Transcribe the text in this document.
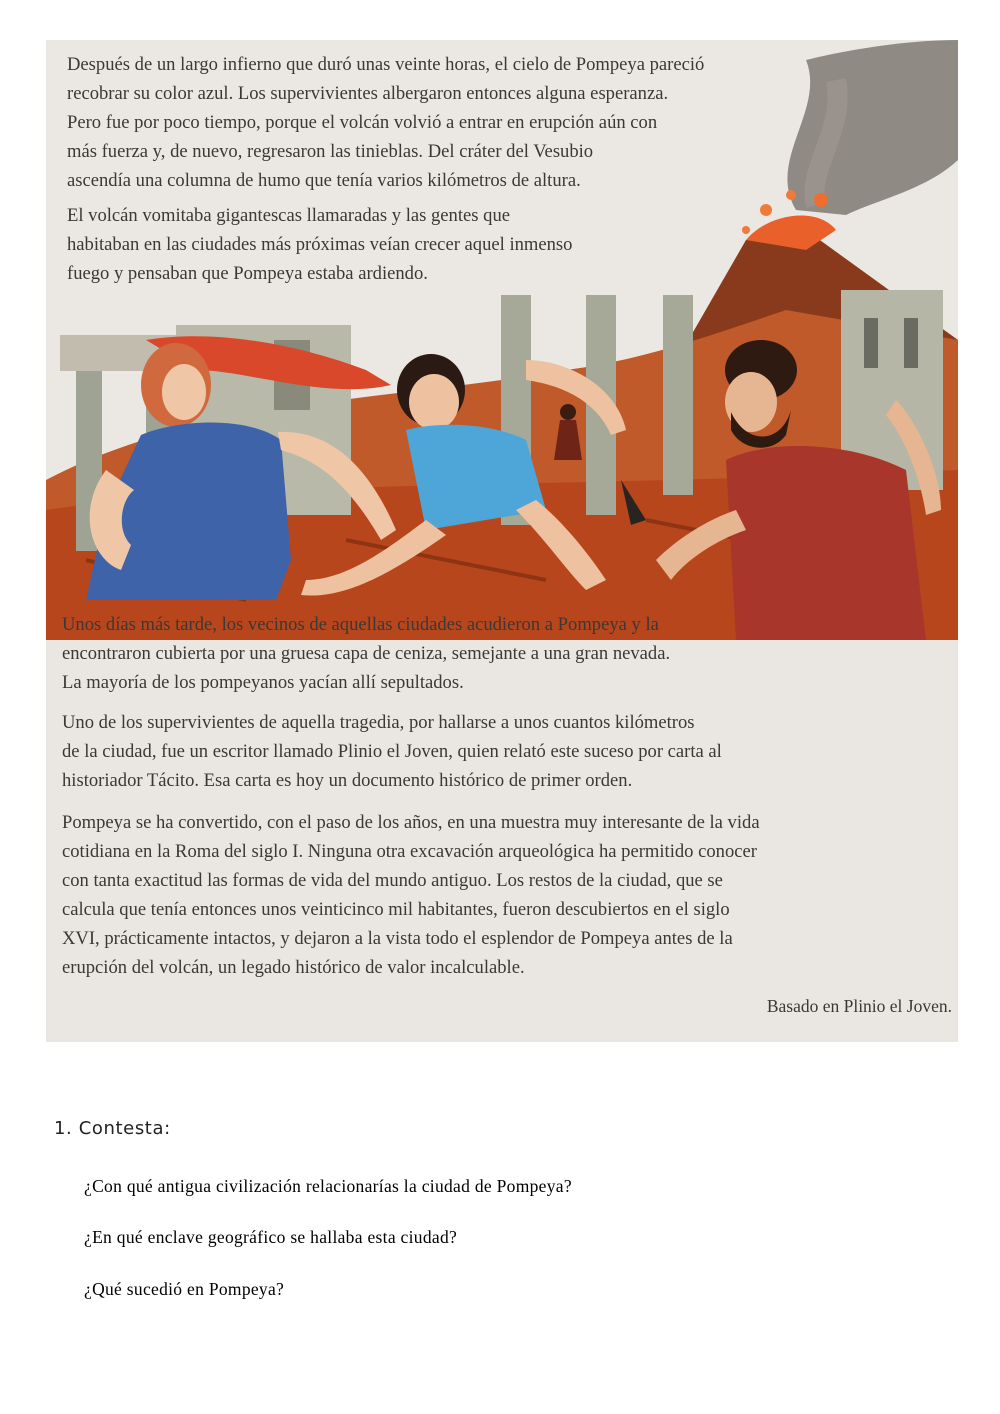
Después de un largo infierno que duró unas veinte horas, el cielo de Pompeya pareció
recobrar su color azul. Los supervivientes albergaron entonces alguna esperanza.
Pero fue por poco tiempo, porque el volcán volvió a entrar en erupción aún con
más fuerza y, de nuevo, regresaron las tinieblas. Del cráter del Vesubio
ascendía una columna de humo que tenía varios kilómetros de altura.

El volcán vomitaba gigantescas llamaradas y las gentes que
habitaban en las ciudades más próximas veían crecer aquel inmenso
fuego y pensaban que Pompeya estaba ardiendo.

Unos días más tarde, los vecinos de aquellas ciudades acudieron a Pompeya y la
encontraron cubierta por una gruesa capa de ceniza, semejante a una gran nevada.
La mayoría de los pompeyanos yacían allí sepultados.

Uno de los supervivientes de aquella tragedia, por hallarse a unos cuantos kilómetros
de la ciudad, fue un escritor llamado Plinio el Joven, quien relató este suceso por carta al
historiador Tácito. Esa carta es hoy un documento histórico de primer orden.

Pompeya se ha convertido, con el paso de los años, en una muestra muy interesante de la vida
cotidiana en la Roma del siglo I. Ninguna otra excavación arqueológica ha permitido conocer
con tanta exactitud las formas de vida del mundo antiguo. Los restos de la ciudad, que se
calcula que tenía entonces unos veinticinco mil habitantes, fueron descubiertos en el siglo
XVI, prácticamente intactos, y dejaron a la vista todo el esplendor de Pompeya antes de la
erupción del volcán, un legado histórico de valor incalculable.

Basado en Plinio el Joven.

1. Contesta:

¿Con qué antigua civilización relacionarías la ciudad de Pompeya?

¿En qué enclave geográfico se hallaba esta ciudad?

¿Qué sucedió en Pompeya?
